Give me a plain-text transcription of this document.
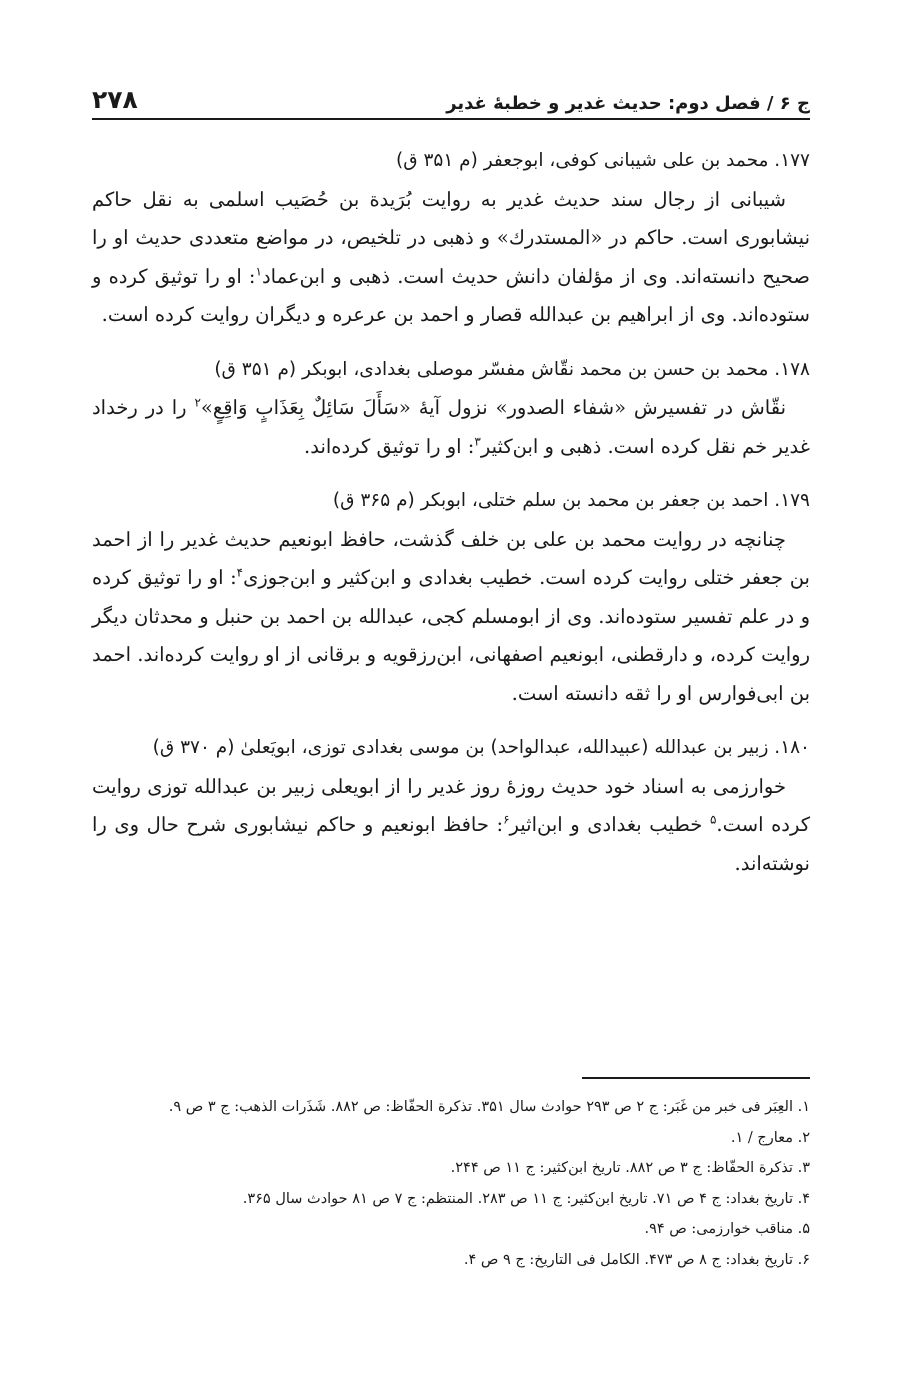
ج ۶ / فصل دوم: حدیث غدیر و خطبهٔ غدیر
۲۷۸

۱۷۷. محمد بن علی شیبانی کوفی، ابوجعفر (م ۳۵۱ ق)

شیبانی از رجال سند حدیث غدیر به روایت بُرَیدة بن حُصَیب اسلمی به نقل حاکم نیشابوری است. حاکم در «المستدرك» و ذهبی در تلخیص، در مواضع متعددی حدیث او را صحیح دانسته‌اند. وی از مؤلفان دانش حدیث است. ذهبی و ابن‌عماد$^۱$: او را توثیق کرده و ستوده‌اند. وی از ابراهیم بن عبدالله قصار و احمد بن عرعره و دیگران روایت کرده است.

۱۷۸. محمد بن حسن بن محمد نقّاش مفسّر موصلی بغدادی، ابوبکر (م ۳۵۱ ق)

نقّاش در تفسیرش «شفاء الصدور» نزول آیهٔ «سَأَلَ سَائِلٌ بِعَذَابٍ وَاقِعٍ»$^۲$ را در رخداد غدیر خم نقل کرده است. ذهبی و ابن‌کثیر$^۳$: او را توثیق کرده‌اند.

۱۷۹. احمد بن جعفر بن محمد بن سلم ختلی، ابوبکر (م ۳۶۵ ق)

چنانچه در روایت محمد بن علی بن خلف گذشت، حافظ ابونعیم حدیث غدیر را از احمد بن جعفر ختلی روایت کرده است. خطیب بغدادی و ابن‌کثیر و ابن‌جوزی$^۴$: او را توثیق کرده و در علم تفسیر ستوده‌اند. وی از ابومسلم کجی، عبدالله بن احمد بن حنبل و محدثان دیگر روایت کرده، و دارقطنی، ابونعیم اصفهانی، ابن‌رزقویه و برقانی از او روایت کرده‌اند. احمد بن ابی‌فوارس او را ثقه دانسته است.

۱۸۰. زبیر بن عبدالله (عبیدالله، عبدالواحد) بن موسی بغدادی توزی، ابویَعلیٰ (م ۳۷۰ ق)

خوارزمی به اسناد خود حدیث روزهٔ روز غدیر را از ابویعلی زبیر بن عبدالله توزی روایت کرده است.$^۵$ خطیب بغدادی و ابن‌اثیر$^۶$: حافظ ابونعیم و حاکم نیشابوری شرح حال وی را نوشته‌اند.

۱. العِبَر فی خبر من غَبَر: ج ۲ ص ۲۹۳ حوادث سال ۳۵۱. تذکرة الحفّاظ: ص ۸۸۲. شَذَرات الذهب: ج ۳ ص ۹.

۲. معارج / ۱.

۳. تذکرة الحفّاظ: ج ۳ ص ۸۸۲. تاریخ ابن‌کثیر: ج ۱۱ ص ۲۴۴.

۴. تاریخ بغداد: ج ۴ ص ۷۱. تاریخ ابن‌کثیر: ج ۱۱ ص ۲۸۳. المنتظم: ج ۷ ص ۸۱ حوادث سال ۳۶۵.

۵. مناقب خوارزمی: ص ۹۴.

۶. تاریخ بغداد: ج ۸ ص ۴۷۳. الکامل فی التاریخ: ج ۹ ص ۴.
